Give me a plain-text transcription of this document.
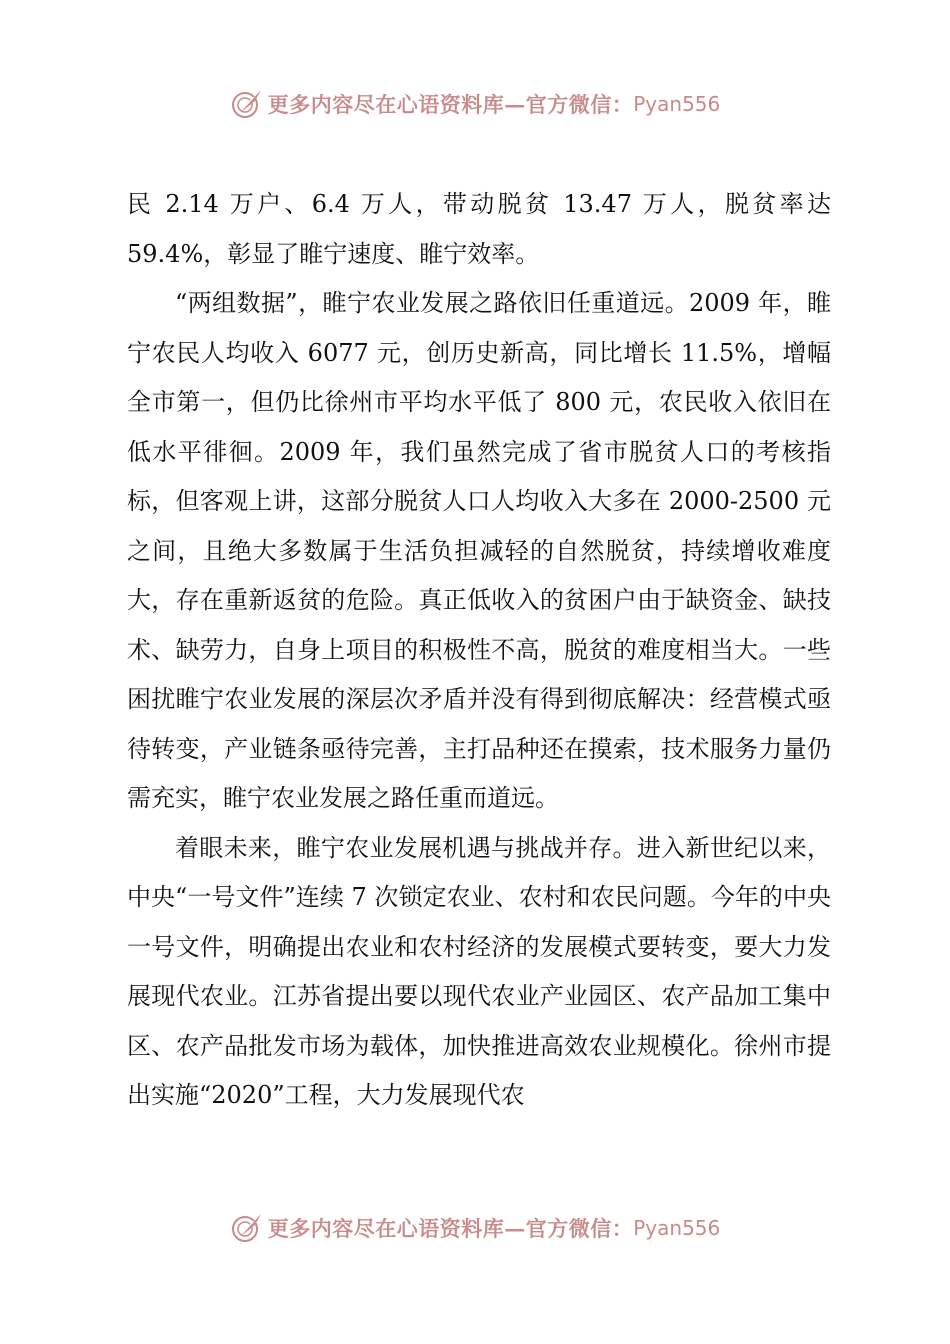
更多内容尽在心语资料库—官方微信： Pyan556

民 2.14 万户、6.4 万人，带动脱贫 13.47 万人，脱贫率达 59.4%，彰显了睢宁速度、睢宁效率。

“两组数据”，睢宁农业发展之路依旧任重道远。2009 年，睢宁农民人均收入 6077 元，创历史新高，同比增长 11.5%，增幅全市第一，但仍比徐州市平均水平低了 800 元，农民收入依旧在低水平徘徊。2009 年，我们虽然完成了省市脱贫人口的考核指标，但客观上讲，这部分脱贫人口人均收入大多在 2000-2500 元之间，且绝大多数属于生活负担减轻的自然脱贫，持续增收难度大，存在重新返贫的危险。真正低收入的贫困户由于缺资金、缺技术、缺劳力，自身上项目的积极性不高，脱贫的难度相当大。一些困扰睢宁农业发展的深层次矛盾并没有得到彻底解决：经营模式亟待转变，产业链条亟待完善，主打品种还在摸索，技术服务力量仍需充实，睢宁农业发展之路任重而道远。

着眼未来，睢宁农业发展机遇与挑战并存。进入新世纪以来，中央“一号文件”连续 7 次锁定农业、农村和农民问题。今年的中央一号文件，明确提出农业和农村经济的发展模式要转变，要大力发展现代农业。江苏省提出要以现代农业产业园区、农产品加工集中区、农产品批发市场为载体，加快推进高效农业规模化。徐州市提出实施“2020”工程，大力发展现代农

更多内容尽在心语资料库—官方微信： Pyan556
